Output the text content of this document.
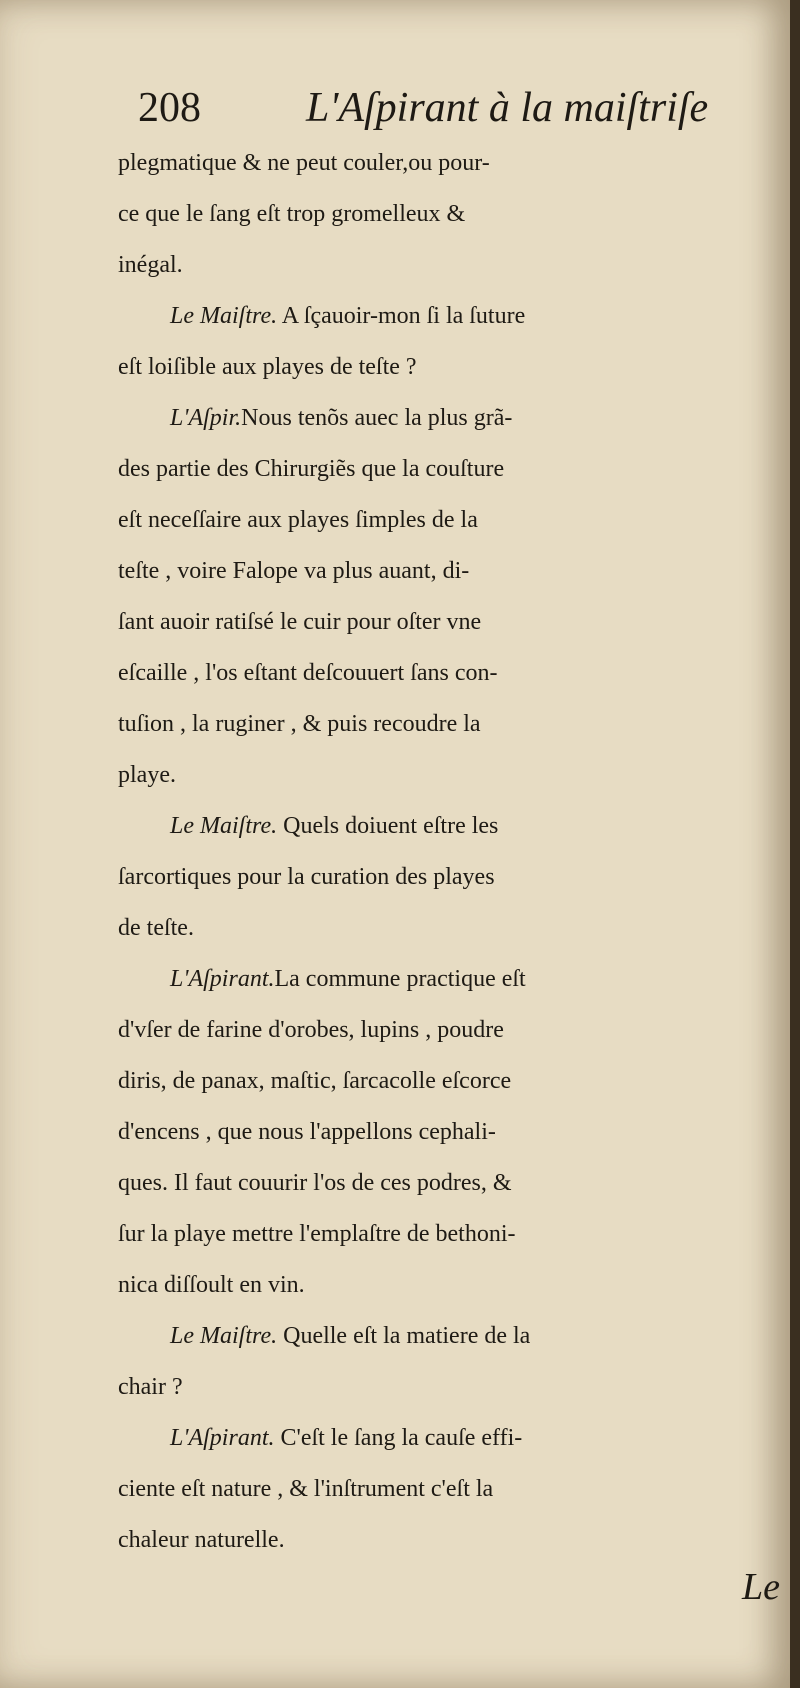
208	L'Aſpirant à la maiſtriſe
plegmatique & ne peut couler,ou pour-
ce que le ſang eſt trop gromelleux &
inégal.
Le Maiſtre. A ſçauoir-mon ſi la ſuture
eſt loiſible aux playes de teſte ?
L'Aſpir.Nous tenõs auec la plus grã-
des partie des Chirurgiẽs que la couſture
eſt neceſſaire aux playes ſimples de la
teſte , voire Falope va plus auant, di-
ſant auoir ratiſsé le cuir pour oſter vne
eſcaille , l'os eſtant deſcouuert ſans con-
tuſion , la ruginer , & puis recoudre la
playe.
Le Maiſtre. Quels doiuent eſtre les
ſarcortiques pour la curation des playes
de teſte.
L'Aſpirant.La commune practique eſt
d'vſer de farine d'orobes, lupins , poudre
diris, de panax, maſtic, ſarcacolle eſcorce
d'encens , que nous l'appellons cephali-
ques. Il faut couurir l'os de ces podres, &
ſur la playe mettre l'emplaſtre de bethoni-
nica diſſoult en vin.
Le Maiſtre. Quelle eſt la matiere de la
chair ?
L'Aſpirant. C'eſt le ſang la cauſe effi-
ciente eſt nature , & l'inſtrument c'eſt la
chaleur naturelle.
Le
